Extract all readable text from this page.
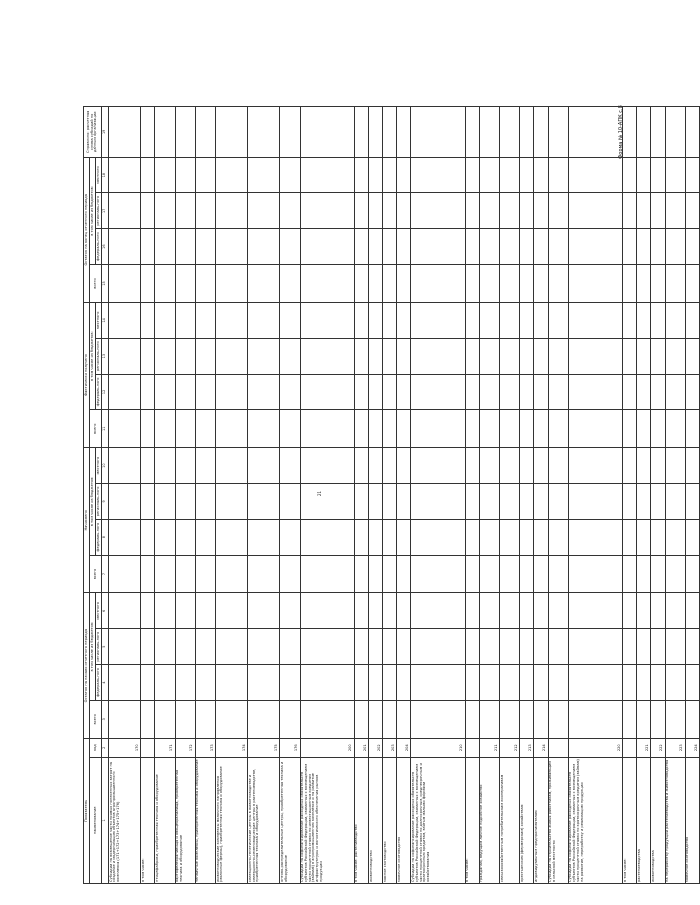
21
Форма № 10-АПК с.8
Показатель		Остаток на начало отчетного периода				Начислено				Фактически получено				Остаток на конец отчетного периода				Справочно: расчетная сумма субсидий по данным организации
наименование	код	всего	в том числе из бюджетов:			всего	в том числе из бюджетов:			всего	в том числе из бюджетов:			всего	в том числе из бюджетов:			
			федераль-ного	региональ-ного	местного		федераль-ного	региональ-ного	местного		федераль-ного	региональ-ного	местного		федераль-ного	региональ-ного	местного	
1	2	3	4	5	6	7	8	9	10	11	12	13	14	15	16	17	18	19
Субсидии на возмещение части прямых понесенных затрат на создание и модернизацию объектов агропромышленного комплекса (171+172+173+174+175+176)	170																	
в том числе:																		
птицефабрики, приобретенная техника и оборудование	171																	
картофелехранилища и овощехранилища, приобретенная техника и оборудование	172																	
тепличные комплексы, приобретенная техника и оборудование	173																	
животноводческие комплексы молочного направления (молочные фермы), приобретенная техника и оборудование	174																	
селекционно-генетические центры в животноводстве и селекционно-семеноводческие центры в растениеводстве, приобретенная техника и оборудование	175																	
оптово-распределительные центры, приобретенная техника и оборудование	176																	
Субсидии на софинансирование расходных обязательств субъектов Российской Федерации, связанных с возмещением части процентной ставки по инвестиционным кредитам (займам) в агропромышленном комплексе и на развитие инфраструктуры и логистического обеспечения рынков продукции	200																	
в том числе: растениеводство	201																	
животноводство	202																	
мясное скотоводство	203																	
молочное скотоводство	204																	
Субсидии на софинансирование расходных обязательств субъектов Российской Федерации, связанных с возмещением части процентной ставки по долгосрочным, среднесрочным и краткосрочным кредитам, взятым малыми формами хозяйствования	210																	
в том числе:																		
гражданам, ведущим личное подсобное хозяйство	211																	
сельскохозяйственным потребительским кооперативам	212																	
крестьянским (фермерским) хозяйствам	213																	
индивидуальным предпринимателям	214																	
Субсидии на строительство жилья работникам, проживающим в сельской местности																		
Субсидии на софинансирование расходных обязательств субъектов Российской Федерации, связанных с возмещением части процентной ставки по краткосрочным кредитам (займам) на развитие, переработку и реализацию продукции	220																	
в том числе:																		
растениеводства	221																	
животноводства	222																	
на переработку продукции растениеводства и животноводства	223																	
молочное скотоводство	224																	
